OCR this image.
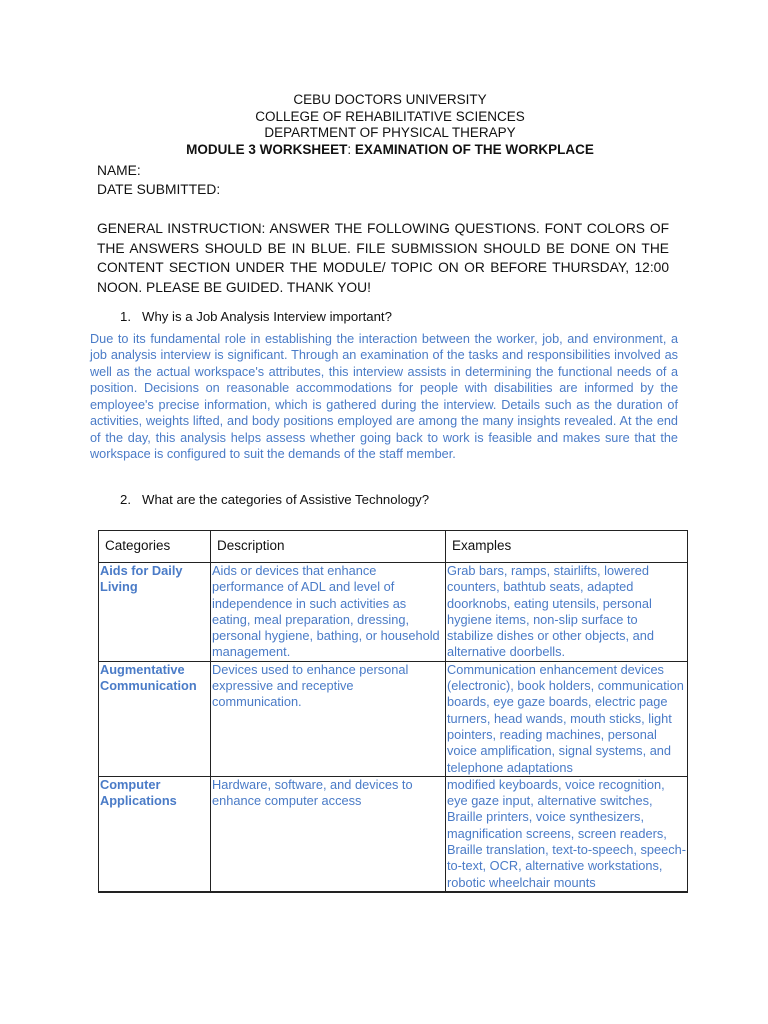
CEBU DOCTORS UNIVERSITY
COLLEGE OF REHABILITATIVE SCIENCES
DEPARTMENT OF PHYSICAL THERAPY
MODULE 3 WORKSHEET: EXAMINATION OF THE WORKPLACE
NAME:
DATE SUBMITTED:
GENERAL INSTRUCTION: ANSWER THE FOLLOWING QUESTIONS. FONT COLORS OF THE ANSWERS SHOULD BE IN BLUE. FILE SUBMISSION SHOULD BE DONE ON THE CONTENT SECTION UNDER THE MODULE/ TOPIC ON OR BEFORE THURSDAY, 12:00 NOON. PLEASE BE GUIDED. THANK YOU!
1. Why is a Job Analysis Interview important?
Due to its fundamental role in establishing the interaction between the worker, job, and environment, a job analysis interview is significant. Through an examination of the tasks and responsibilities involved as well as the actual workspace's attributes, this interview assists in determining the functional needs of a position. Decisions on reasonable accommodations for people with disabilities are informed by the employee's precise information, which is gathered during the interview. Details such as the duration of activities, weights lifted, and body positions employed are among the many insights revealed. At the end of the day, this analysis helps assess whether going back to work is feasible and makes sure that the workspace is configured to suit the demands of the staff member.
2. What are the categories of Assistive Technology?
Categories	Description	Examples
Aids for Daily Living	Aids or devices that enhance performance of ADL and level of independence in such activities as eating, meal preparation, dressing, personal hygiene, bathing, or household management.	Grab bars, ramps, stairlifts, lowered counters, bathtub seats, adapted doorknobs, eating utensils, personal hygiene items, non-slip surface to stabilize dishes or other objects, and alternative doorbells.
Augmentative Communication	Devices used to enhance personal expressive and receptive communication.	Communication enhancement devices (electronic), book holders, communication boards, eye gaze boards, electric page turners, head wands, mouth sticks, light pointers, reading machines, personal voice amplification, signal systems, and telephone adaptations
Computer Applications	Hardware, software, and devices to enhance computer access	modified keyboards, voice recognition, eye gaze input, alternative switches, Braille printers, voice synthesizers, magnification screens, screen readers, Braille translation, text-to-speech, speech-to-text, OCR, alternative workstations, robotic wheelchair mounts
